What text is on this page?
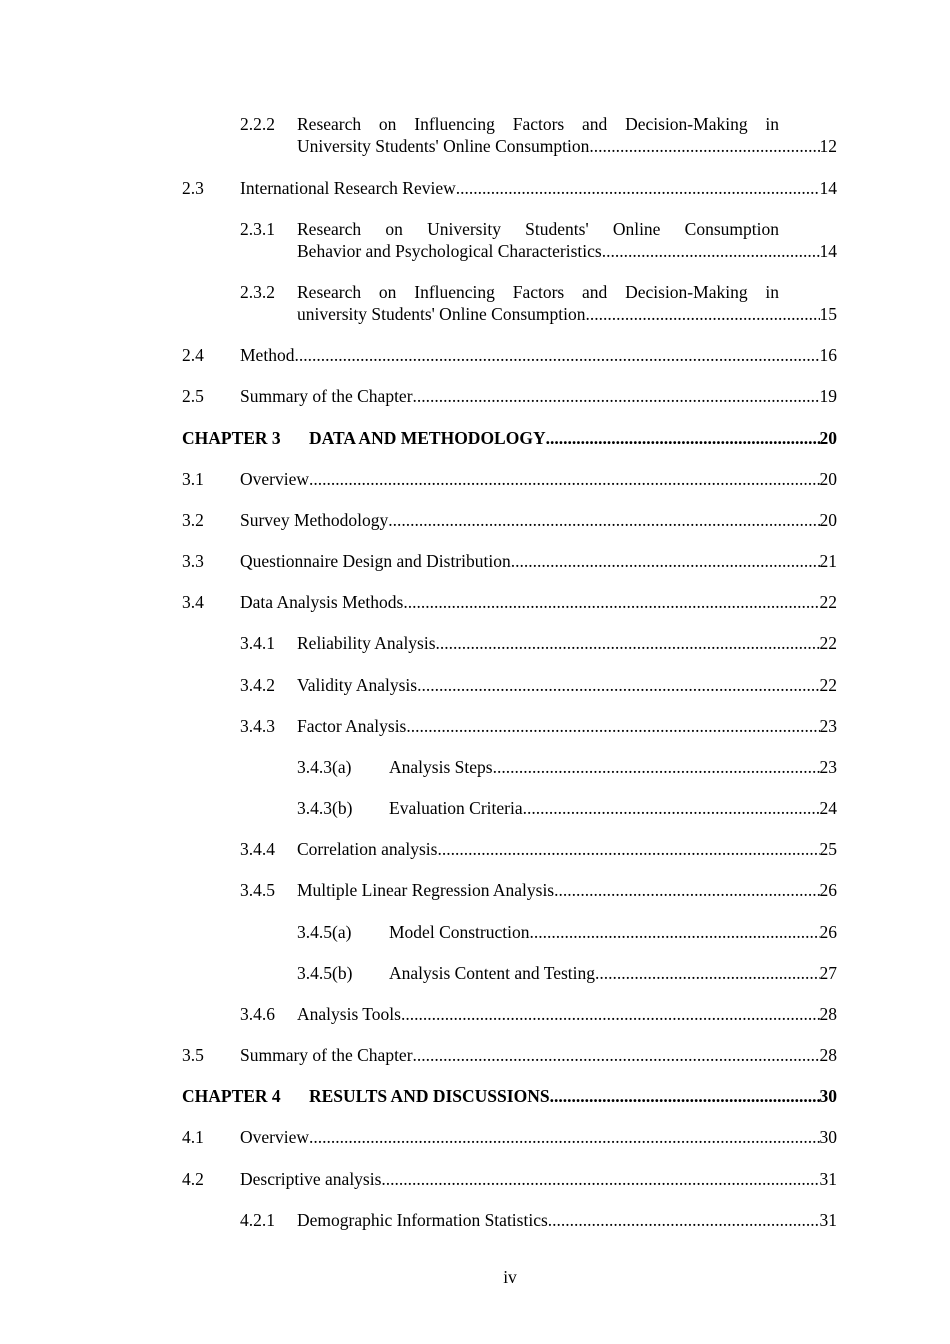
2.2.2 Research on Influencing Factors and Decision-Making in
University Students' Online Consumption .....	12
2.3 International Research Review .....	14
2.3.1 Research on University Students' Online Consumption
Behavior and Psychological Characteristics .....	14
2.3.2 Research on Influencing Factors and Decision-Making in
university Students' Online Consumption .....	15
2.4 Method .....	16
2.5 Summary of the Chapter .....	19
CHAPTER 3 DATA AND METHODOLOGY .....	20
3.1 Overview .....	20
3.2 Survey Methodology .....	20
3.3 Questionnaire Design and Distribution .....	21
3.4 Data Analysis Methods .....	22
3.4.1 Reliability Analysis .....	22
3.4.2 Validity Analysis .....	22
3.4.3 Factor Analysis .....	23
3.4.3(a) Analysis Steps .....	23
3.4.3(b) Evaluation Criteria .....	24
3.4.4 Correlation analysis .....	25
3.4.5 Multiple Linear Regression Analysis .....	26
3.4.5(a) Model Construction .....	26
3.4.5(b) Analysis Content and Testing .....	27
3.4.6 Analysis Tools .....	28
3.5 Summary of the Chapter .....	28
CHAPTER 4 RESULTS AND DISCUSSIONS .....	30
4.1 Overview .....	30
4.2 Descriptive analysis .....	31
4.2.1 Demographic Information Statistics .....	31
iv
